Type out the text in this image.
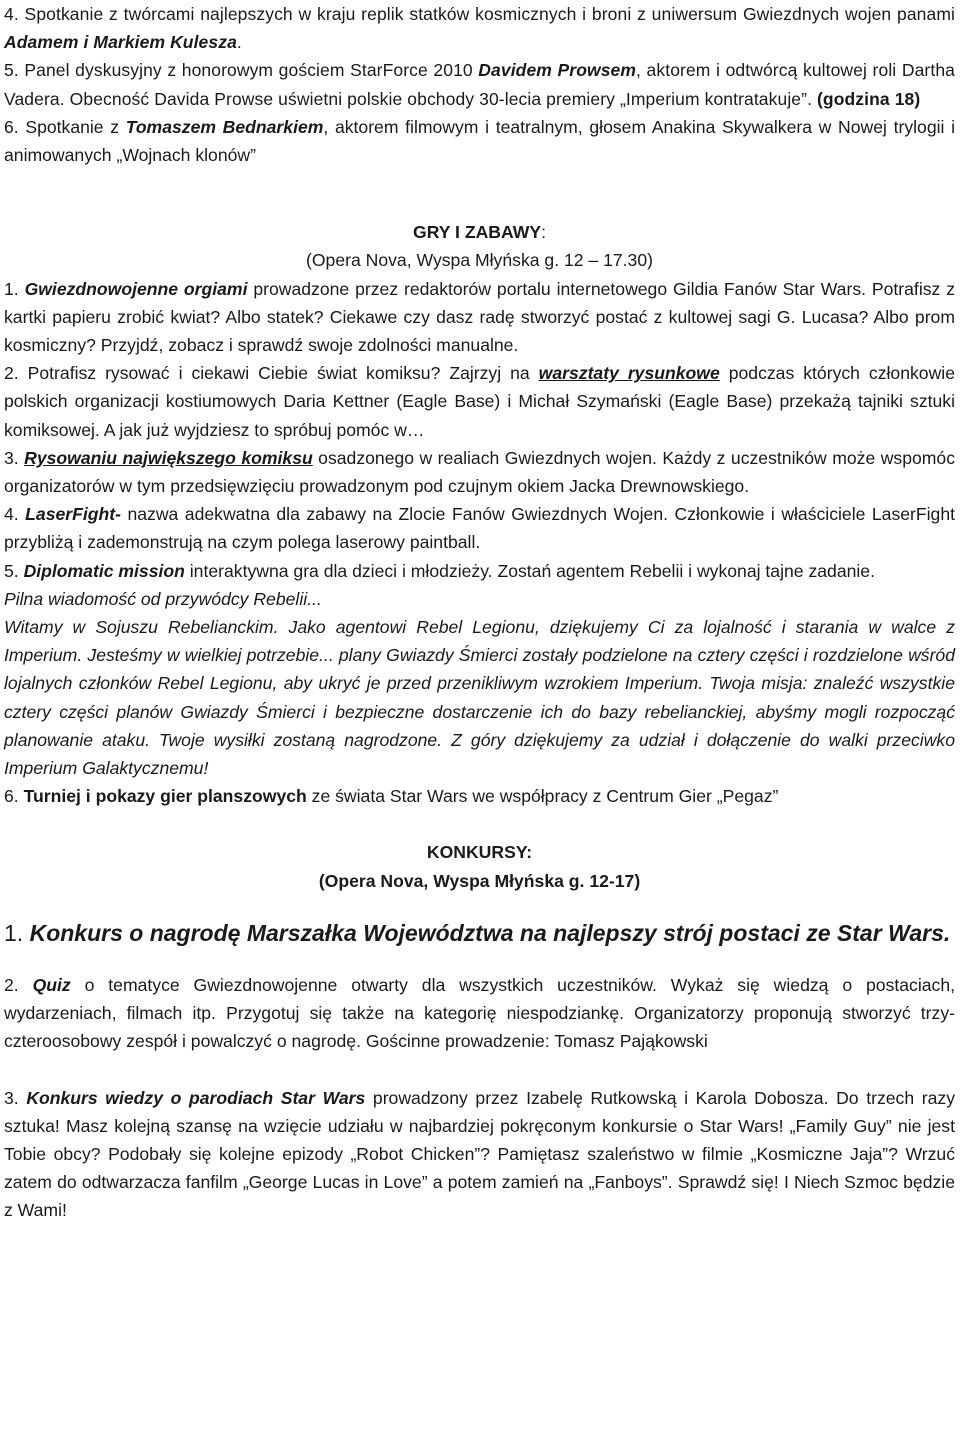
4. Spotkanie z twórcami najlepszych w kraju replik statków kosmicznych i broni z uniwersum Gwiezdnych wojen panami Adamem i Markiem Kulesza.

5. Panel dyskusyjny z honorowym gościem StarForce 2010 Davidem Prowsem, aktorem i odtwórcą kultowej roli Dartha Vadera. Obecność Davida Prowse uświetni polskie obchody 30-lecia premiery „Imperium kontratakuje”. (godzina 18)

6. Spotkanie z Tomaszem Bednarkiem, aktorem filmowym i teatralnym, głosem Anakina Skywalkera w Nowej trylogii i animowanych „Wojnach klonów”

GRY I ZABAWY:

(Opera Nova, Wyspa Młyńska g. 12 – 17.30)

1. Gwiezdnowojenne orgiami prowadzone przez redaktorów portalu internetowego Gildia Fanów Star Wars. Potrafisz z kartki papieru zrobić kwiat? Albo statek? Ciekawe czy dasz radę stworzyć postać z kultowej sagi G. Lucasa? Albo prom kosmiczny? Przyjdź, zobacz i sprawdź swoje zdolności manualne.

2. Potrafisz rysować i ciekawi Ciebie świat komiksu? Zajrzyj na warsztaty rysunkowe podczas których członkowie polskich organizacji kostiumowych Daria Kettner (Eagle Base) i Michał Szymański (Eagle Base) przekażą tajniki sztuki komiksowej. A jak już wyjdziesz to spróbuj pomóc w…

3. Rysowaniu największego komiksu osadzonego w realiach Gwiezdnych wojen. Każdy z uczestników może wspomóc organizatorów w tym przedsięwzięciu prowadzonym pod czujnym okiem Jacka Drewnowskiego.

4. LaserFight- nazwa adekwatna dla zabawy na Zlocie Fanów Gwiezdnych Wojen. Członkowie i właściciele LaserFight przybliżą i zademonstrują na czym polega laserowy paintball.

5. Diplomatic mission interaktywna gra dla dzieci i młodzieży. Zostań agentem Rebelii i wykonaj tajne zadanie.

Pilna wiadomość od przywódcy Rebelii...

Witamy w Sojuszu Rebelianckim. Jako agentowi Rebel Legionu, dziękujemy Ci za lojalność i starania w walce z Imperium. Jesteśmy w wielkiej potrzebie... plany Gwiazdy Śmierci zostały podzielone na cztery części i rozdzielone wśród lojalnych członków Rebel Legionu, aby ukryć je przed przenikliwym wzrokiem Imperium. Twoja misja: znaleźć wszystkie cztery części planów Gwiazdy Śmierci i bezpieczne dostarczenie ich do bazy rebelianckiej, abyśmy mogli rozpocząć planowanie ataku. Twoje wysiłki zostaną nagrodzone. Z góry dziękujemy za udział i dołączenie do walki przeciwko Imperium Galaktycznemu!

6. Turniej i pokazy gier planszowych ze świata Star Wars we współpracy z Centrum Gier „Pegaz”

KONKURSY:

(Opera Nova, Wyspa Młyńska g. 12-17)

1. Konkurs o nagrodę Marszałka Województwa na najlepszy strój postaci ze Star Wars.

2. Quiz o tematyce Gwiezdnowojenne otwarty dla wszystkich uczestników. Wykaż się wiedzą o postaciach, wydarzeniach, filmach itp. Przygotuj się także na kategorię niespodziankę. Organizatorzy proponują stworzyć trzy- czteroosobowy zespół i powalczyć o nagrodę. Gościnne prowadzenie: Tomasz Pająkowski

3. Konkurs wiedzy o parodiach Star Wars prowadzony przez Izabelę Rutkowską i Karola Dobosza. Do trzech razy sztuka! Masz kolejną szansę na wzięcie udziału w najbardziej pokręconym konkursie o Star Wars! „Family Guy” nie jest Tobie obcy? Podobały się kolejne epizody „Robot Chicken”? Pamiętasz szaleństwo w filmie „Kosmiczne Jaja”? Wrzuć zatem do odtwarzacza fanfilm „George Lucas in Love” a potem zamień na „Fanboys”. Sprawdź się! I Niech Szmoc będzie z Wami!
